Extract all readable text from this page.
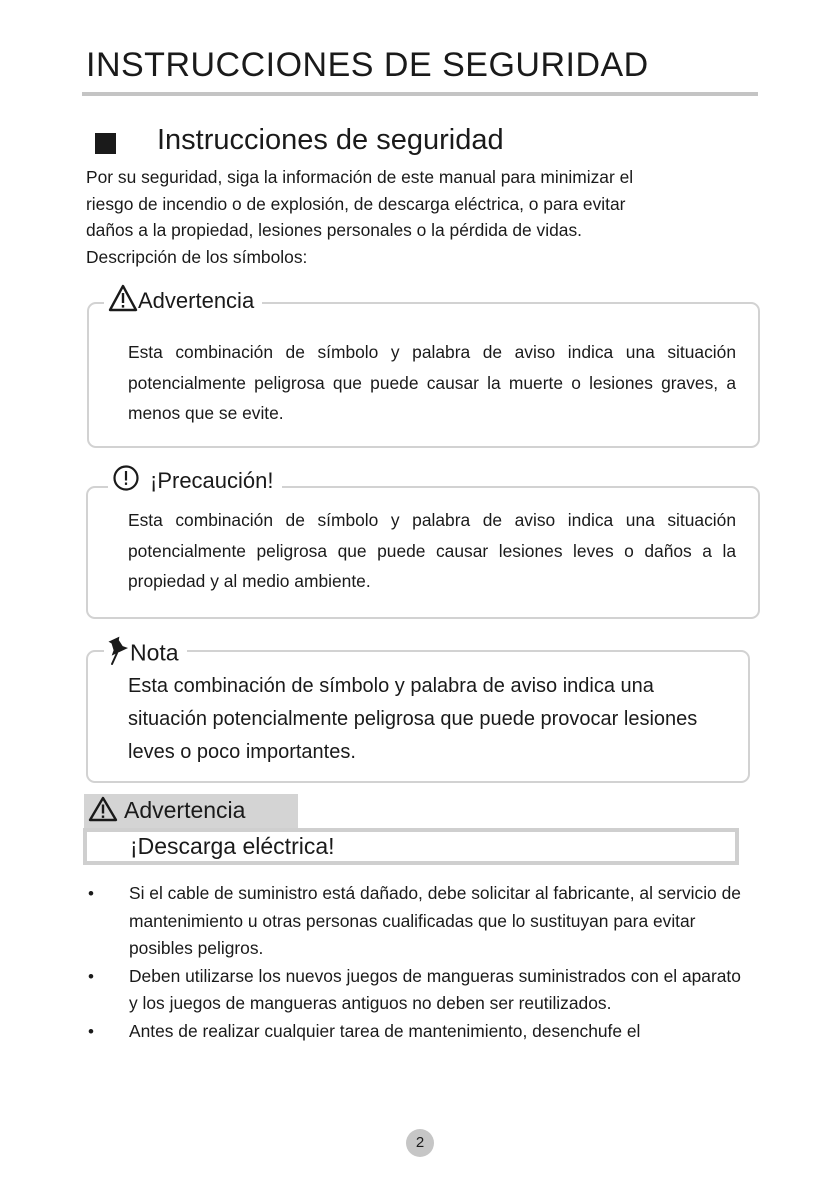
INSTRUCCIONES DE SEGURIDAD
Instrucciones de seguridad
Por su seguridad, siga la información de este manual para minimizar el
riesgo de incendio o de explosión, de descarga eléctrica, o para evitar
daños a la propiedad, lesiones personales o la pérdida de vidas.
Descripción de los símbolos:
Advertencia
Esta combinación de símbolo y palabra de aviso indica una situación potencialmente peligrosa que puede causar la muerte o lesiones graves, a menos que se evite.
¡Precaución!
Esta combinación de símbolo y palabra de aviso indica una situación potencialmente peligrosa que puede causar lesiones leves o daños a la propiedad y al medio ambiente.
Nota
Esta combinación de símbolo y palabra de aviso indica una situación potencialmente peligrosa que puede provocar lesiones leves o poco importantes.
Advertencia
¡Descarga eléctrica!
• Si el cable de suministro está dañado, debe solicitar al fabricante, al servicio de mantenimiento u otras personas cualificadas que lo sustituyan para evitar posibles peligros.
• Deben utilizarse los nuevos juegos de mangueras suministrados con el aparato y los juegos de mangueras antiguos no deben ser reutilizados.
• Antes de realizar cualquier tarea de mantenimiento, desenchufe el
2
